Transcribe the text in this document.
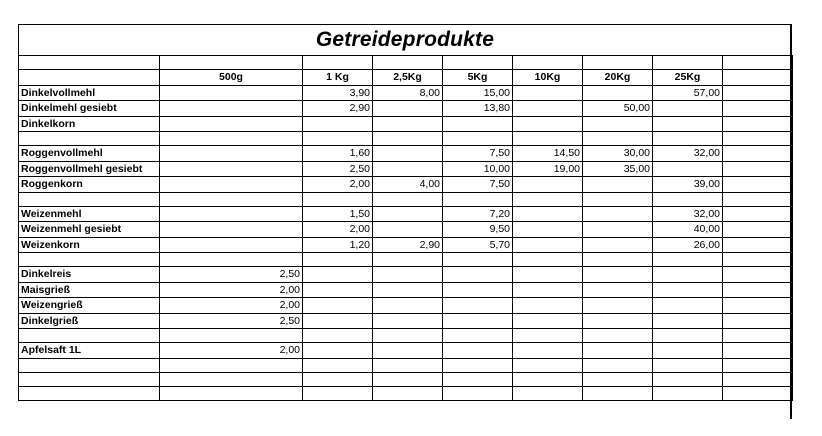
Getreideprodukte

	500g	1 Kg	2,5Kg	5Kg	10Kg	20Kg	25Kg	
Dinkelvollmehl		3,90	8,00	15,00			57,00	
Dinkelmehl gesiebt		2,90		13,80		50,00		
Dinkelkorn								

Roggenvollmehl		1,60		7,50	14,50	30,00	32,00	
Roggenvollmehl gesiebt		2,50		10,00	19,00	35,00		
Roggenkorn		2,00	4,00	7,50			39,00	

Weizenmehl		1,50		7,20			32,00	
Weizenmehl gesiebt		2,00		9,50			40,00	
Weizenkorn		1,20	2,90	5,70			26,00	

Dinkelreis	2,50							
Maisgrieß	2,00							
Weizengrieß	2,00							
Dinkelgrieß	2,50							

Apfelsaft 1L	2,00							
